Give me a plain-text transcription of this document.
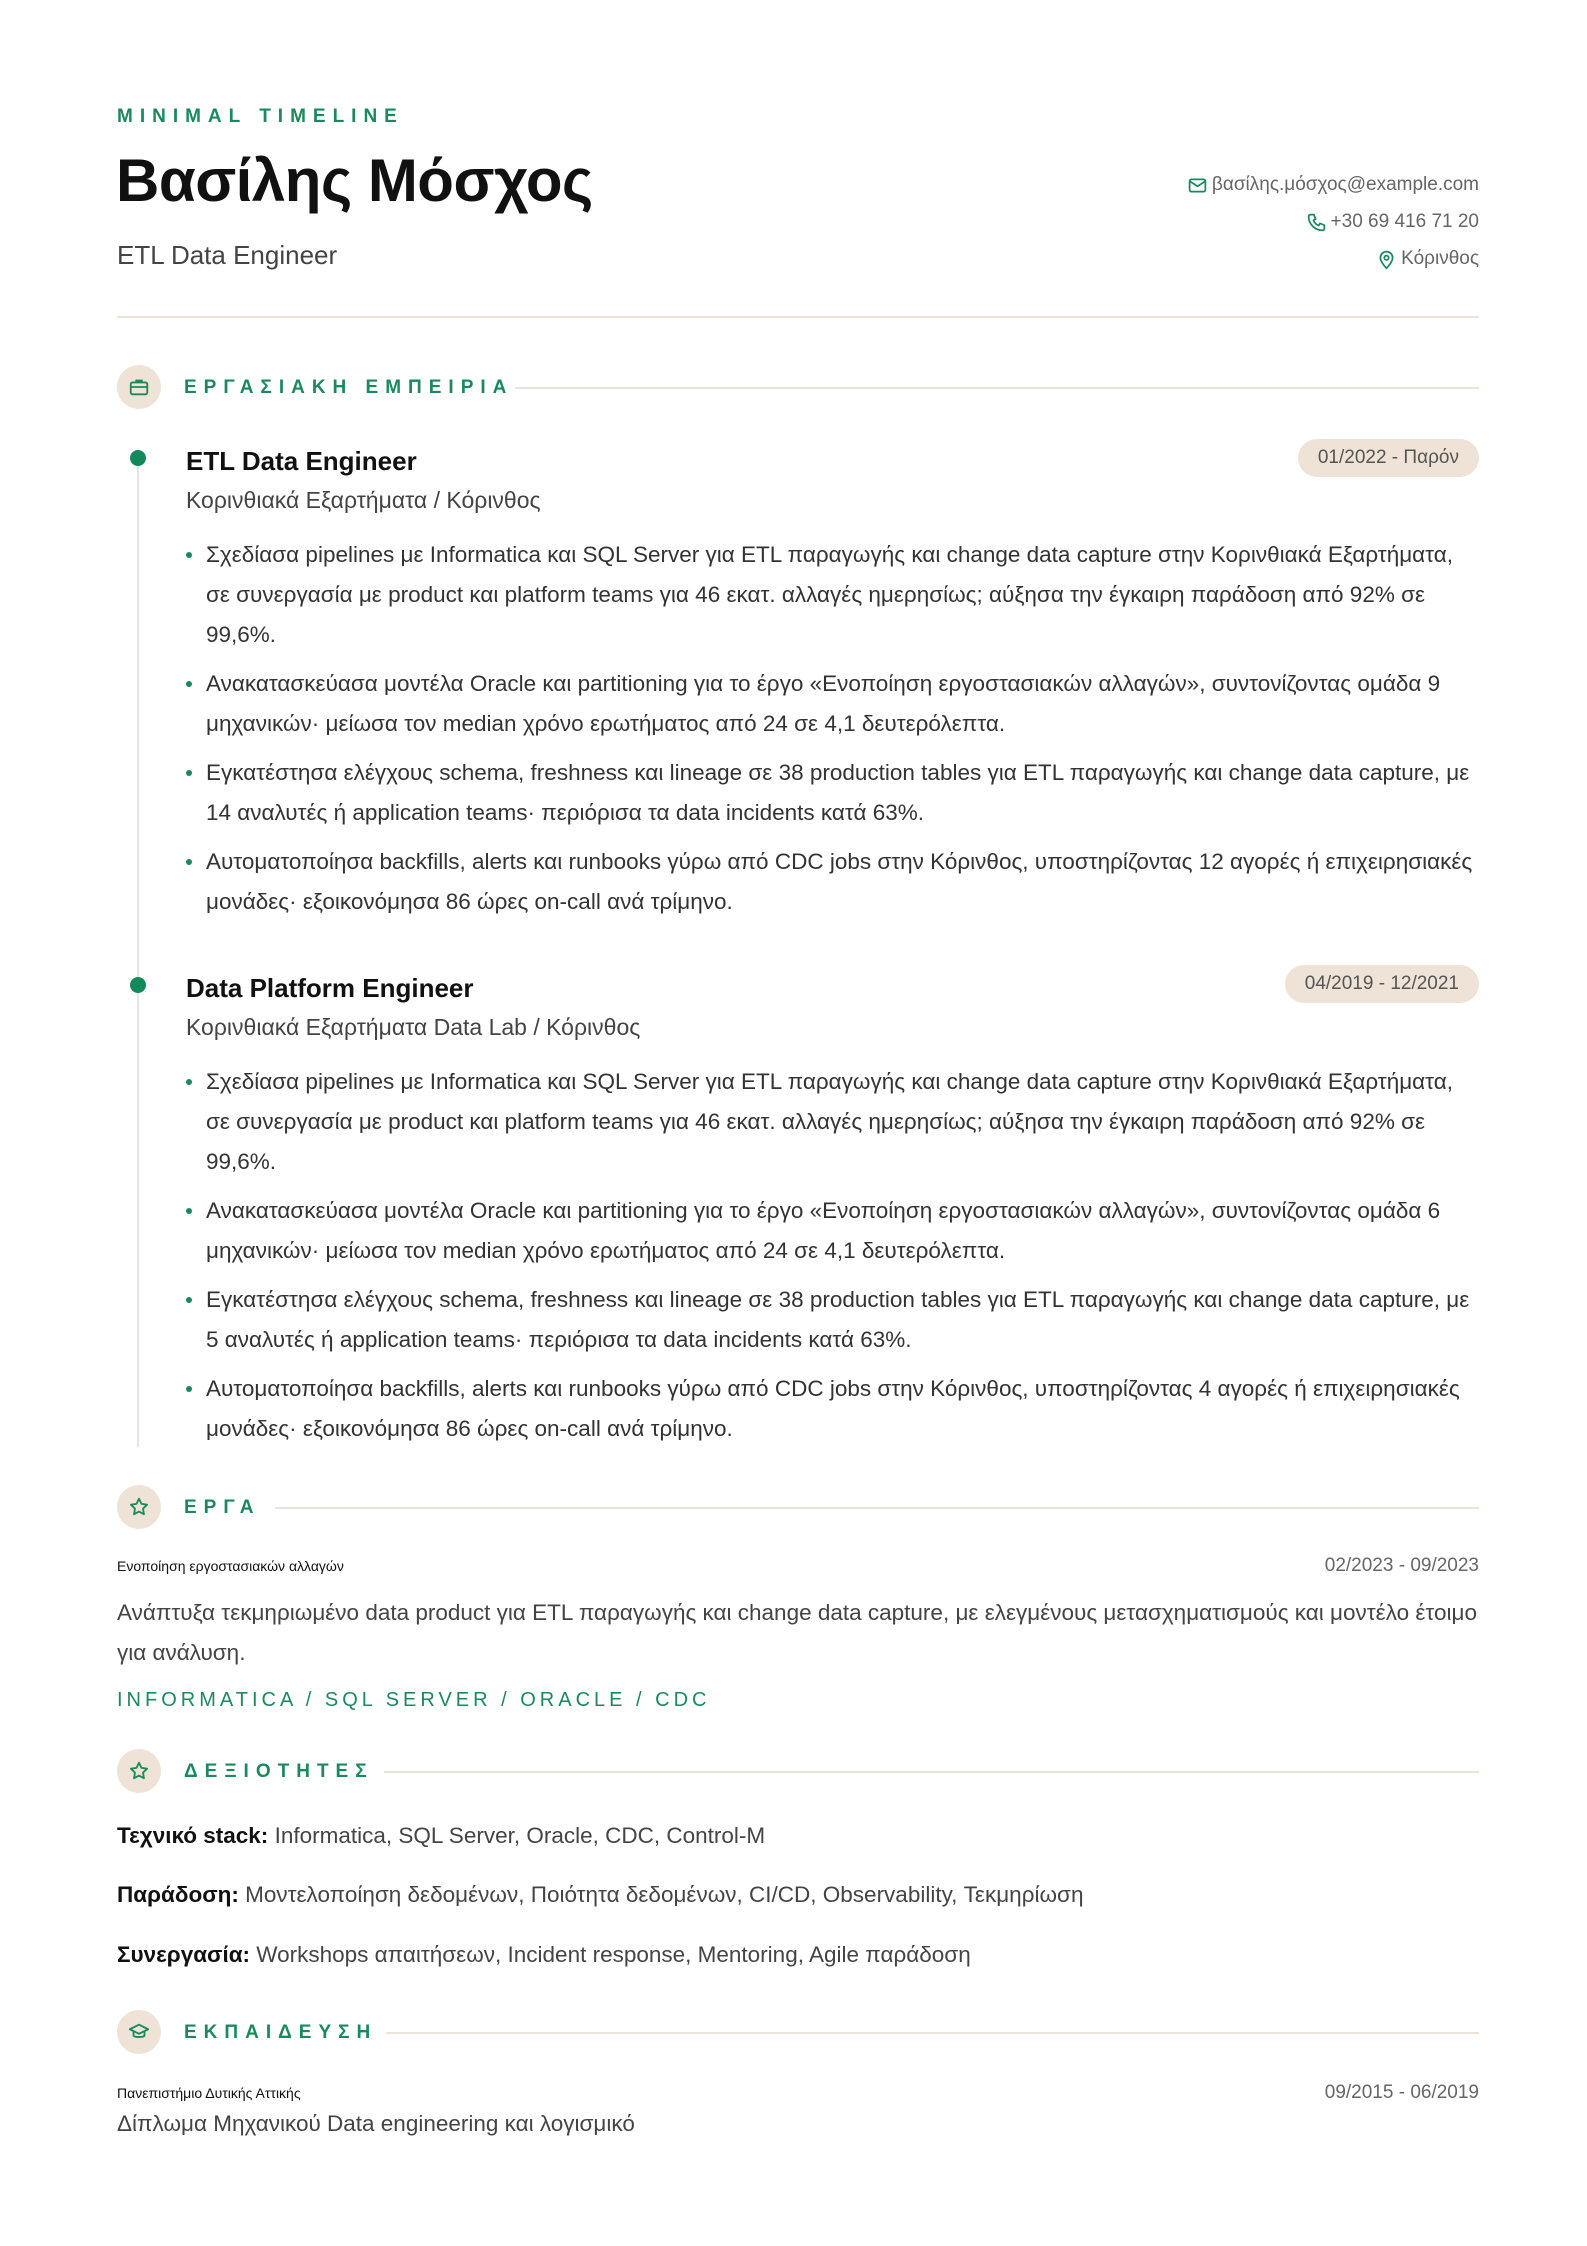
MINIMAL TIMELINE
Βασίλης Μόσχος
ETL Data Engineer
βασίλης.μόσχος@example.com
+30 69 416 71 20
Κόρινθος
ΕΡΓΑΣΙΑΚΗ ΕΜΠΕΙΡΙΑ
ETL Data Engineer
Κορινθιακά Εξαρτήματα / Κόρινθος
01/2022 - Παρόν
Σχεδίασα pipelines με Informatica και SQL Server για ETL παραγωγής και change data capture στην Κορινθιακά Εξαρτήματα, σε συνεργασία με product και platform teams για 46 εκατ. αλλαγές ημερησίως; αύξησα την έγκαιρη παράδοση από 92% σε 99,6%.
Ανακατασκεύασα μοντέλα Oracle και partitioning για το έργο «Ενοποίηση εργοστασιακών αλλαγών», συντονίζοντας ομάδα 9 μηχανικών· μείωσα τον median χρόνο ερωτήματος από 24 σε 4,1 δευτερόλεπτα.
Εγκατέστησα ελέγχους schema, freshness και lineage σε 38 production tables για ETL παραγωγής και change data capture, με 14 αναλυτές ή application teams· περιόρισα τα data incidents κατά 63%.
Αυτοματοποίησα backfills, alerts και runbooks γύρω από CDC jobs στην Κόρινθος, υποστηρίζοντας 12 αγορές ή επιχειρησιακές μονάδες· εξοικονόμησα 86 ώρες on-call ανά τρίμηνο.
Data Platform Engineer
Κορινθιακά Εξαρτήματα Data Lab / Κόρινθος
04/2019 - 12/2021
Σχεδίασα pipelines με Informatica και SQL Server για ETL παραγωγής και change data capture στην Κορινθιακά Εξαρτήματα, σε συνεργασία με product και platform teams για 46 εκατ. αλλαγές ημερησίως; αύξησα την έγκαιρη παράδοση από 92% σε 99,6%.
Ανακατασκεύασα μοντέλα Oracle και partitioning για το έργο «Ενοποίηση εργοστασιακών αλλαγών», συντονίζοντας ομάδα 6 μηχανικών· μείωσα τον median χρόνο ερωτήματος από 24 σε 4,1 δευτερόλεπτα.
Εγκατέστησα ελέγχους schema, freshness και lineage σε 38 production tables για ETL παραγωγής και change data capture, με 5 αναλυτές ή application teams· περιόρισα τα data incidents κατά 63%.
Αυτοματοποίησα backfills, alerts και runbooks γύρω από CDC jobs στην Κόρινθος, υποστηρίζοντας 4 αγορές ή επιχειρησιακές μονάδες· εξοικονόμησα 86 ώρες on-call ανά τρίμηνο.
ΕΡΓΑ
Ενοποίηση εργοστασιακών αλλαγών	02/2023 - 09/2023
Ανάπτυξα τεκμηριωμένο data product για ETL παραγωγής και change data capture, με ελεγμένους μετασχηματισμούς και μοντέλο έτοιμο για ανάλυση.
INFORMATICA / SQL SERVER / ORACLE / CDC
ΔΕΞΙΟΤΗΤΕΣ
Τεχνικό stack: Informatica, SQL Server, Oracle, CDC, Control-M
Παράδοση: Μοντελοποίηση δεδομένων, Ποιότητα δεδομένων, CI/CD, Observability, Τεκμηρίωση
Συνεργασία: Workshops απαιτήσεων, Incident response, Mentoring, Agile παράδοση
ΕΚΠΑΙΔΕΥΣΗ
Πανεπιστήμιο Δυτικής Αττικής	09/2015 - 06/2019
Δίπλωμα Μηχανικού Data engineering και λογισμικό
